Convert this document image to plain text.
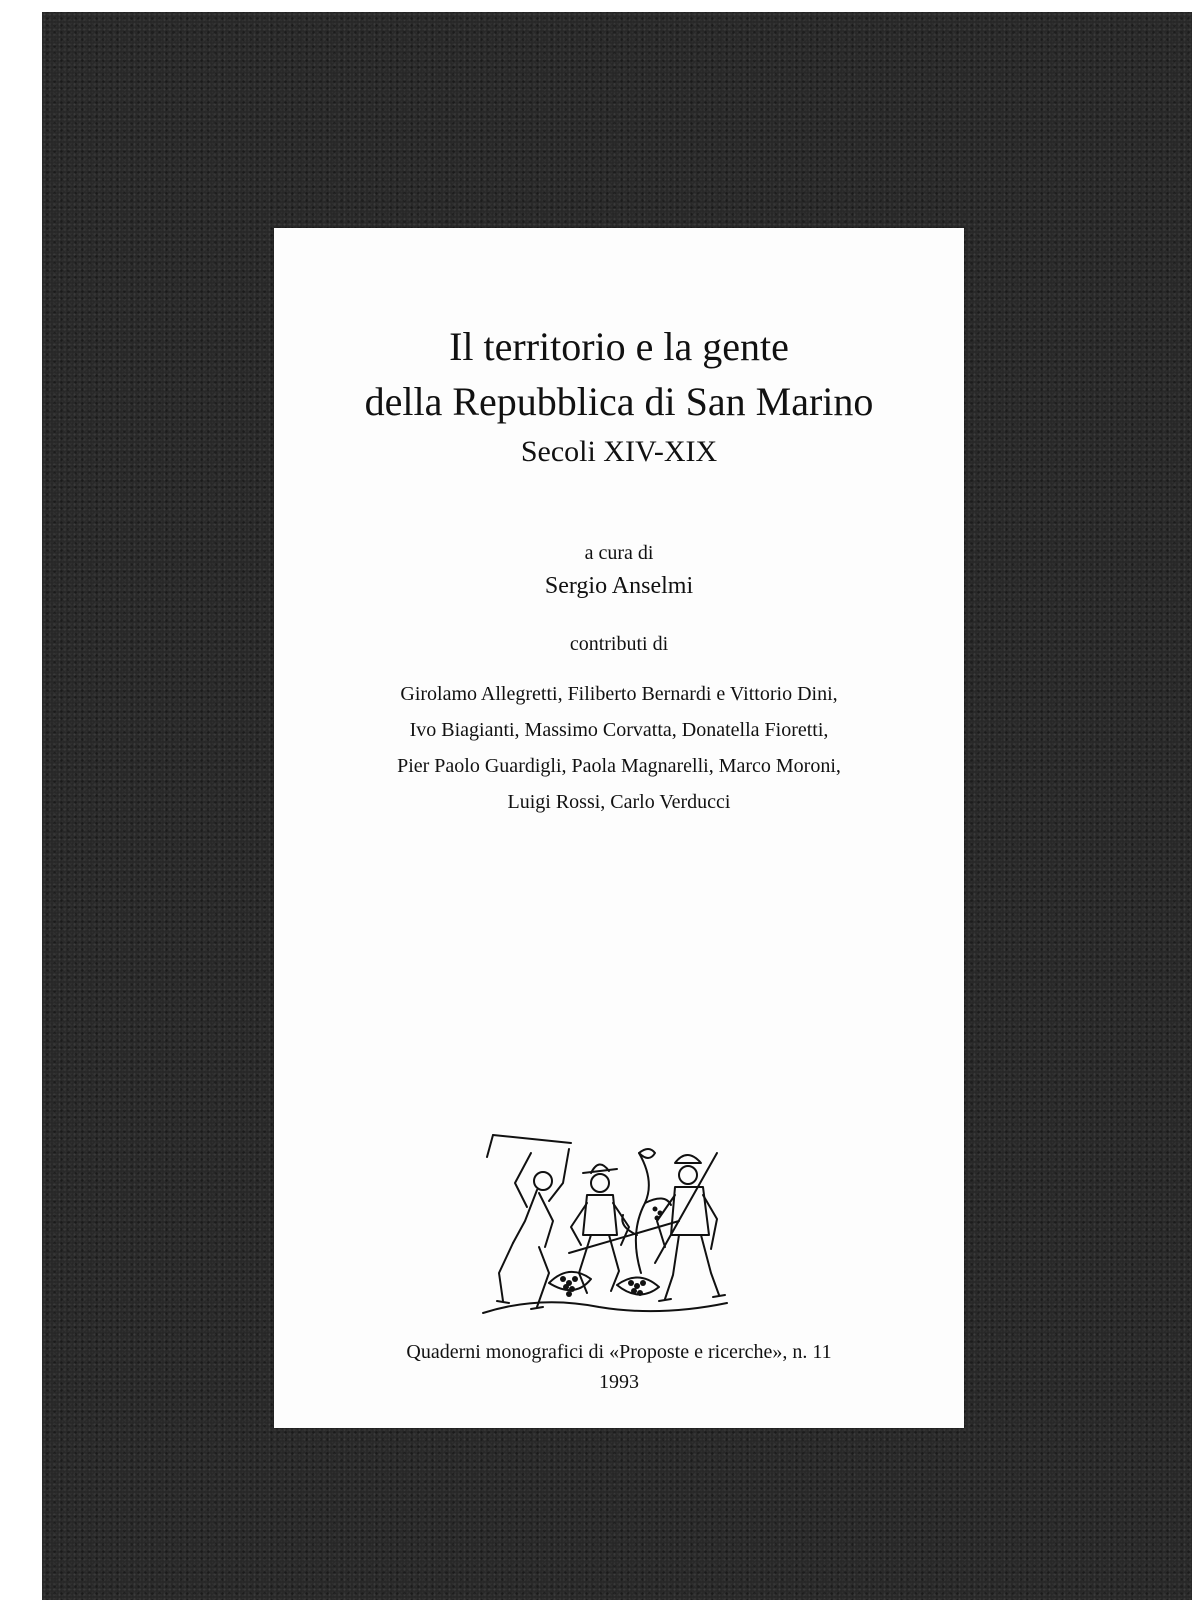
Il territorio e la gente
della Repubblica di San Marino
Secoli XIV-XIX
a cura di
Sergio Anselmi
contributi di
Girolamo Allegretti, Filiberto Bernardi e Vittorio Dini,
Ivo Biagianti, Massimo Corvatta, Donatella Fioretti,
Pier Paolo Guardigli, Paola Magnarelli, Marco Moroni,
Luigi Rossi, Carlo Verducci
Quaderni monografici di «Proposte e ricerche», n. 11
1993
